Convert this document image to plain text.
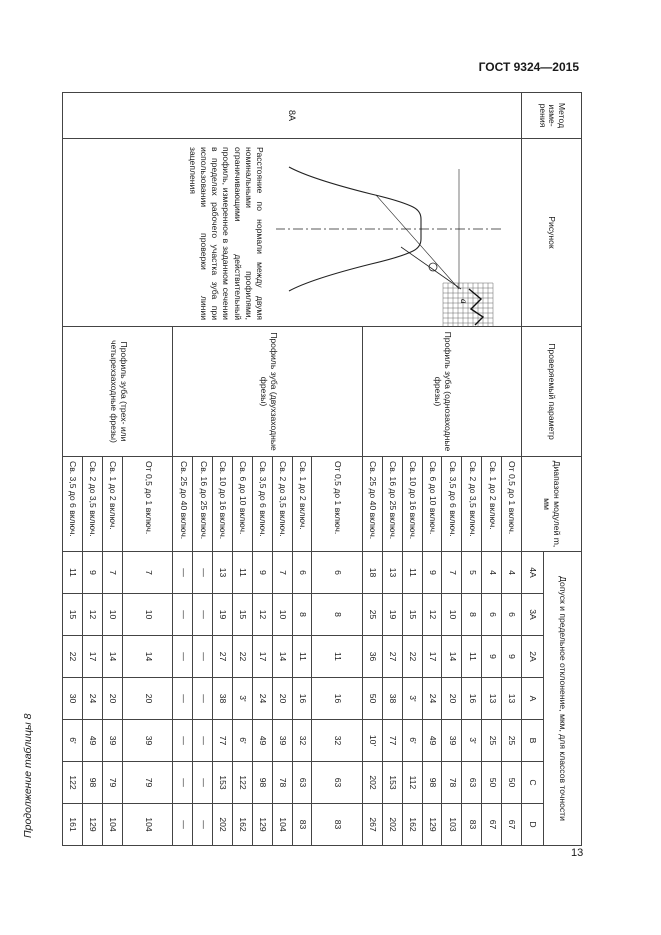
ГОСТ 9324—2015
Продолжение таблицы 8
13
Метод изме-рения	Рисунок	Проверяемый параметр	Диапазон модулей m, мм	Допуск и предельное отклонение, мкм, для классов точности						
				4A	3A	2A	A	B	C	D
8A	a
Расстояние по нормали между двумя номинальными профилями, ограничивающими действительный профиль, измеренное в заданном сечении в пределах рабочего участка зуба при использовании проверки линии зацепления	Профиль зуба (однозаходные фрезы)	От 0,5 до 1 включ.	4	6	9	13	25	50	67
			Св. 1 до 2 включ.	4	6	9	13	25	50	67
			Св. 2 до 3,5 включ.	5	8	11	16	3'	63	83
			Св. 3,5 до 6 включ.	7	10	14	20	39	78	103
			Св. 6 до 10 включ.	9	12	17	24	49	98	129
			Св. 10 до 16 включ.	11	15	22	3'	6'	112	162
			Св. 16 до 25 включ.	13	19	27	38	77	153	202
			Св. 25 до 40 включ.	18	25	36	50	10'	202	267
		Профиль зуба (двухзаходные фрезы)	От 0,5 до 1 включ.	6	8	11	16	32	63	83
			Св. 1 до 2 включ.	6	8	11	16	32	63	83
			Св. 2 до 3,5 включ.	7	10	14	20	39	78	104
			Св. 3,5 до 6 включ.	9	12	17	24	49	98	129
			Св. 6 до 10 включ.	11	15	22	3'	6'	122	162
			Св. 10 до 16 включ.	13	19	27	38	77	153	202
			Св. 16 до 25 включ.	—	—	—	—	—	—	—
			Св. 25 до 40 включ.	—	—	—	—	—	—	—
		Профиль зуба (трех- или четырехзаходные фрезы)	От 0,5 до 1 включ.	7	10	14	20	39	79	104
			Св. 1 до 2 включ.	7	10	14	20	39	79	104
			Св. 2 до 3,5 включ.	9	12	17	24	49	98	129
			Св. 3,5 до 6 включ.	11	15	22	30	6'	122	161
